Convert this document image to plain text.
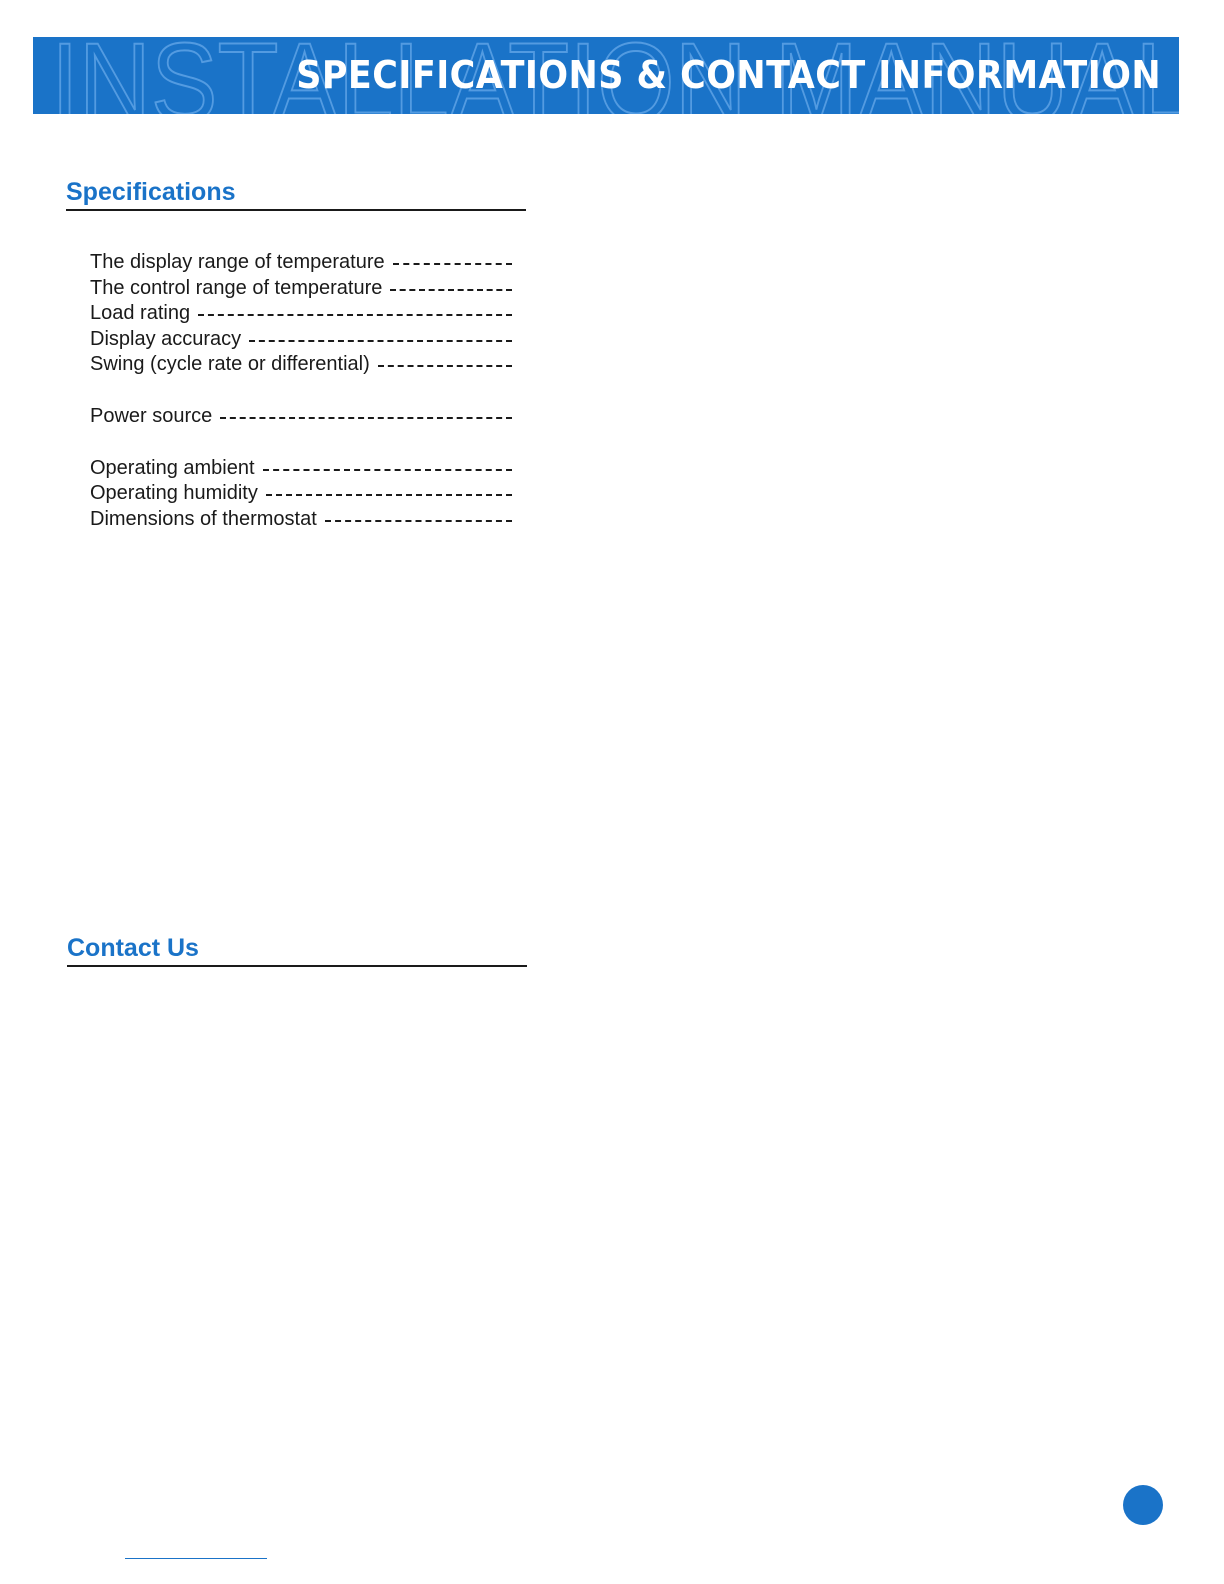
INSTALLATION MANUAL
SPECIFICATIONS & CONTACT INFORMATION
Specifications
The display range of temperature
The control range of temperature
Load rating
Display accuracy
Swing (cycle rate or differential)
Power source
Operating ambient
Operating humidity
Dimensions of thermostat
Contact Us
